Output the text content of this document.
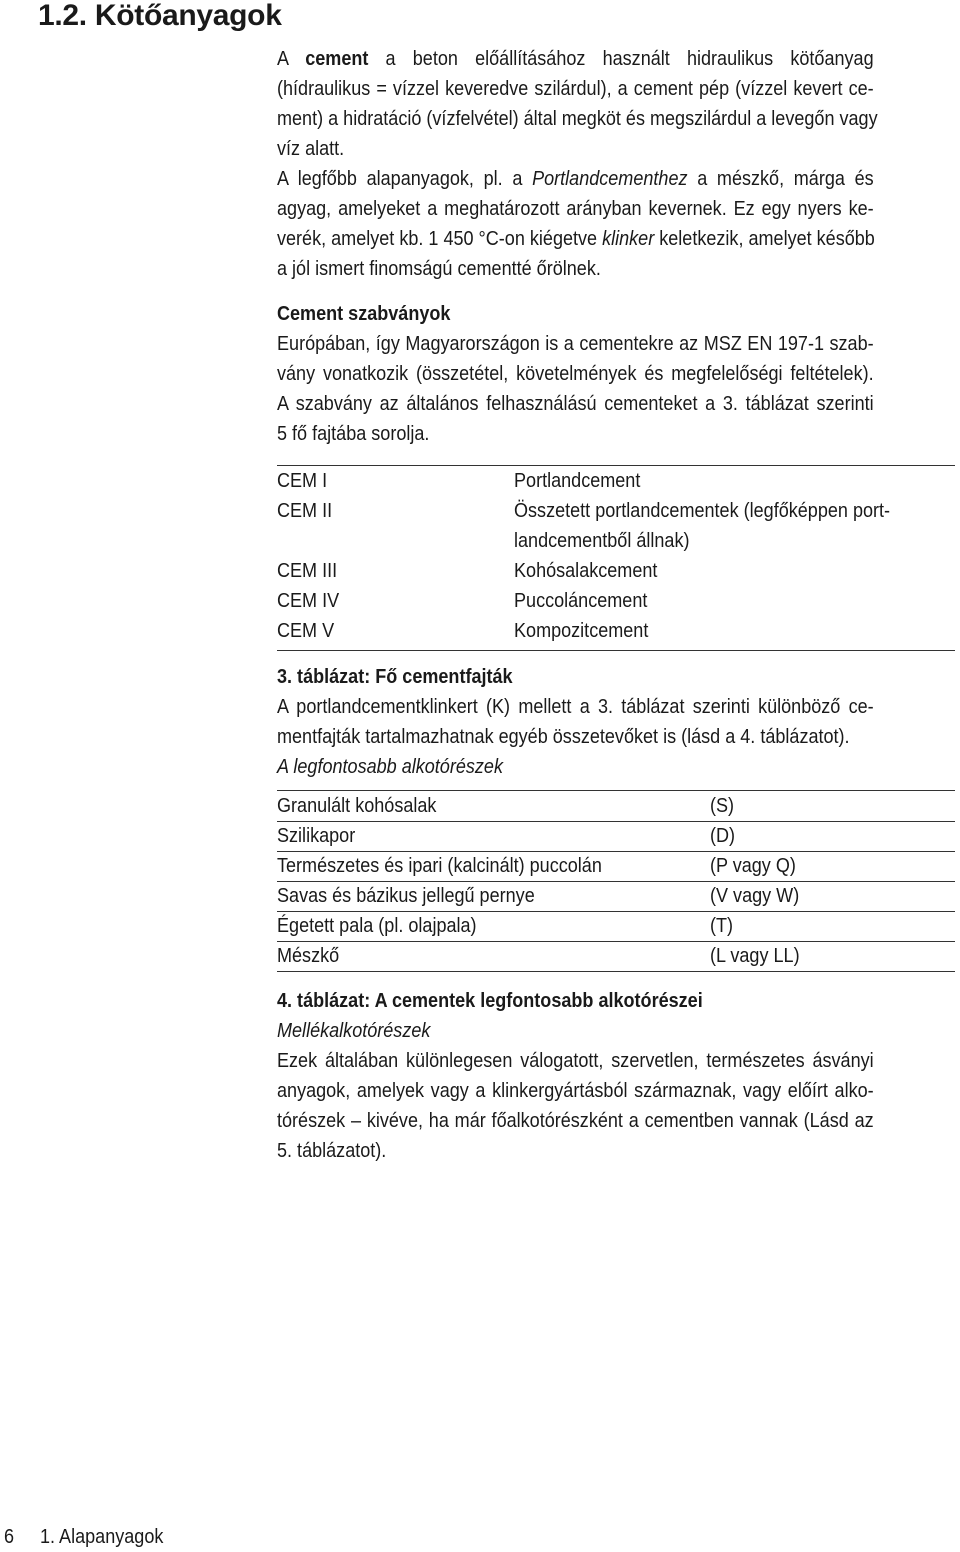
1.2. Kötőanyagok
A cement a beton előállításához használt hidraulikus kötőanyag
(hídraulikus = vízzel keveredve szilárdul), a cement pép (vízzel kevert ce-
ment) a hidratáció (vízfelvétel) által megköt és megszilárdul a levegőn vagy
víz alatt.
A legfőbb alapanyagok, pl. a Portlandcementhez a mészkő, márga és
agyag, amelyeket a meghatározott arányban kevernek. Ez egy nyers ke-
verék, amelyet kb. 1 450 °C-on kiégetve klinker keletkezik, amelyet később
a jól ismert finomságú cementté őrölnek.
Cement szabványok
Európában, így Magyarországon is a cementekre az MSZ EN 197-1 szab-
vány vonatkozik (összetétel, követelmények és megfelelőségi feltételek).
A szabvány az általános felhasználású cementeket a 3. táblázat szerinti
5 fő fajtába sorolja.
CEM I	Portlandcement
CEM II	Összetett portlandcementek (legfőképpen port-
landcementből állnak)
CEM III	Kohósalakcement
CEM IV	Puccoláncement
CEM V	Kompozitcement
3. táblázat: Fő cementfajták
A portlandcementklinkert (K) mellett a 3. táblázat szerinti különböző ce-
mentfajták tartalmazhatnak egyéb összetevőket is (lásd a 4. táblázatot).
A legfontosabb alkotórészek
Granulált kohósalak	(S)
Szilikapor	(D)
Természetes és ipari (kalcinált) puccolán	(P vagy Q)
Savas és bázikus jellegű pernye	(V vagy W)
Égetett pala (pl. olajpala)	(T)
Mészkő	(L vagy LL)
4. táblázat: A cementek legfontosabb alkotórészei
Mellékalkotórészek
Ezek általában különlegesen válogatott, szervetlen, természetes ásványi
anyagok, amelyek vagy a klinkergyártásból származnak, vagy előírt alko-
tórészek – kivéve, ha már főalkotórészként a cementben vannak (Lásd az
5. táblázatot).
6 1. Alapanyagok
